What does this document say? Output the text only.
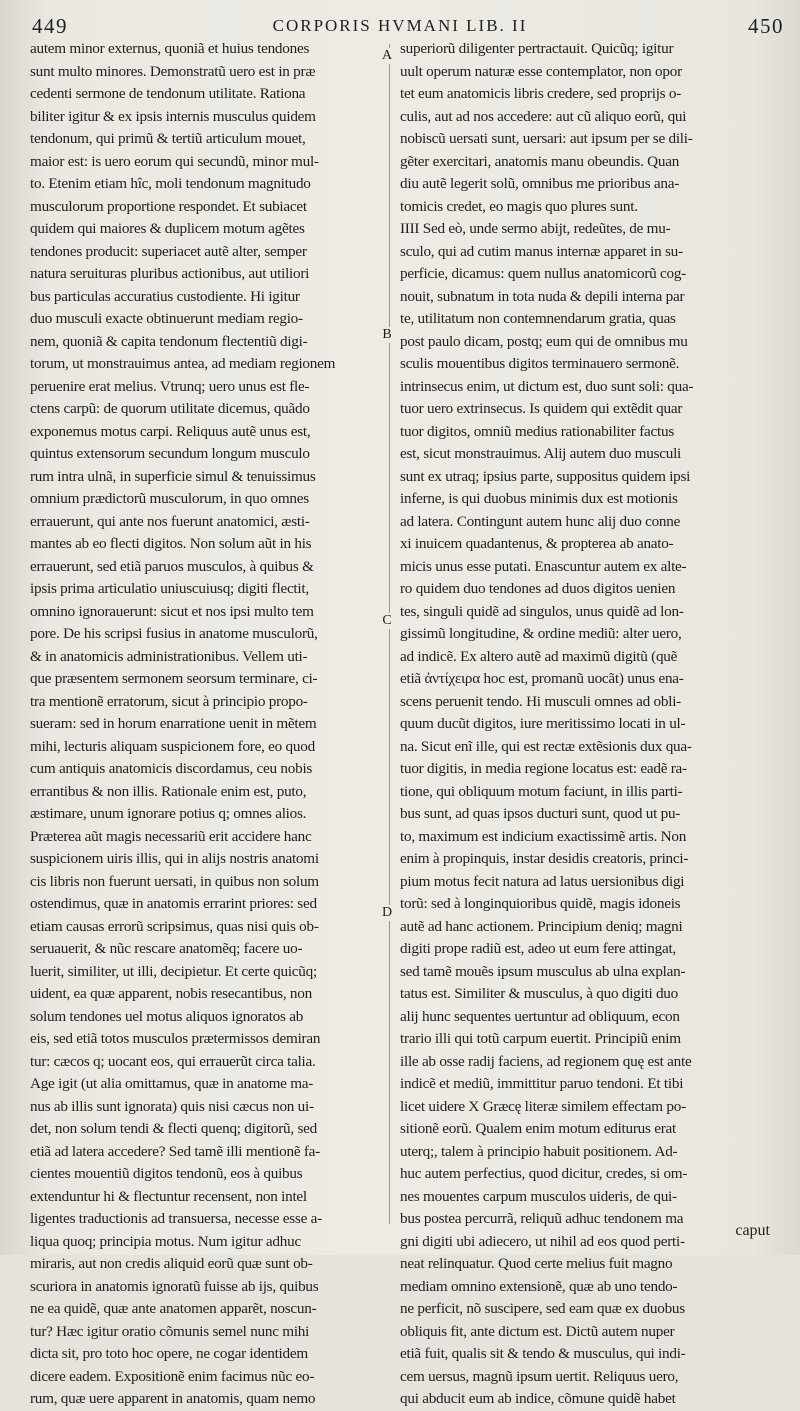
449	CORPORIS HVMANI LIB. II	450
autem minor externus, quoniã et huius tendones
sunt multo minores. Demonstratũ uero est in præ
cedenti sermone de tendonum utilitate. Rationa
biliter igitur & ex ipsis internis musculus quidem
tendonum, qui primũ & tertiũ articulum mouet,
maior est: is uero eorum qui secundũ, minor mul-
to. Etenim etiam hîc, moli tendonum magnitudo
musculorum proportione respondet. Et subiacet
quidem qui maiores & duplicem motum agẽtes
tendones producit: superiacet autẽ alter, semper
natura seruituras pluribus actionibus, aut utiliori
bus particulas accuratius custodiente. Hi igitur
duo musculi exacte obtinuerunt mediam regio-
nem, quoniã & capita tendonum flectentiũ digi-
torum, ut monstrauimus antea, ad mediam regionem
peruenire erat melius. Vtrunq; uero unus est fle-
ctens carpũ: de quorum utilitate dicemus, quãdo
exponemus motus carpi. Reliquus autẽ unus est,
quintus extensorum secundum longum musculo
rum intra ulnã, in superficie simul & tenuissimus
omnium prædictorũ musculorum, in quo omnes
errauerunt, qui ante nos fuerunt anatomici, æsti-
mantes ab eo flecti digitos. Non solum aũt in his
errauerunt, sed etiã paruos musculos, à quibus &
ipsis prima articulatio uniuscuiusq; digiti flectit,
omnino ignorauerunt: sicut et nos ipsi multo tem
pore. De his scripsi fusius in anatome musculorũ,
& in anatomicis administrationibus. Vellem uti-
que præsentem sermonem seorsum terminare, ci-
tra mentionẽ erratorum, sicut à principio propo-
sueram: sed in horum enarratione uenit in mẽtem
mihi, lecturis aliquam suspicionem fore, eo quod
cum antiquis anatomicis discordamus, ceu nobis
errantibus & non illis. Rationale enim est, puto,
æstimare, unum ignorare potius q; omnes alios.
Præterea aũt magis necessariũ erit accidere hanc
suspicionem uiris illis, qui in alijs nostris anatomi
cis libris non fuerunt uersati, in quibus non solum
ostendimus, quæ in anatomis errarint priores: sed
etiam causas errorũ scripsimus, quas nisi quis ob-
seruauerit, & nũc rescare anatomẽq; facere uo-
luerit, similiter, ut illi, decipietur. Et certe quicũq;
uident, ea quæ apparent, nobis resecantibus, non
solum tendones uel motus aliquos ignoratos ab
eis, sed etiã totos musculos prætermissos demiran
tur: cæcos q; uocant eos, qui errauerũt circa talia.
Age igit (ut alia omittamus, quæ in anatome ma-
nus ab illis sunt ignorata) quis nisi cæcus non ui-
det, non solum tendi & flecti quenq; digitorũ, sed
etiã ad latera accedere? Sed tamẽ illi mentionẽ fa-
cientes mouentiũ digitos tendonũ, eos à quibus
extenduntur hi & flectuntur recensent, non intel
ligentes traductionis ad transuersa, necesse esse a-
liqua quoq; principia motus. Num igitur adhuc
miraris, aut non credis aliquid eorũ quæ sunt ob-
scuriora in anatomis ignoratũ fuisse ab ijs, quibus
ne ea quidẽ, quæ ante anatomen apparẽt, noscun-
tur? Hæc igitur oratio cõmunis semel nunc mihi
dicta sit, pro toto hoc opere, ne cogar identidem
dicere eadem. Expositionẽ enim facimus nũc eo-
rum, quæ uere apparent in anatomis, quam nemo
superiorũ diligenter pertractauit. Quicũq; igitur
uult operum naturæ esse contemplator, non opor
tet eum anatomicis libris credere, sed proprijs o-
culis, aut ad nos accedere: aut cũ aliquo eorũ, qui
nobiscũ uersati sunt, uersari: aut ipsum per se dili-
gẽter exercitari, anatomis manu obeundis. Quan
diu autẽ legerit solũ, omnibus me prioribus ana-
tomicis credet, eo magis quo plures sunt.
IIII Sed eò, unde sermo abijt, redeũtes, de mu-
sculo, qui ad cutim manus internæ apparet in su-
perficie, dicamus: quem nullus anatomicorũ cog-
nouit, subnatum in tota nuda & depili interna par
te, utilitatum non contemnendarum gratia, quas
post paulo dicam, postq; eum qui de omnibus mu
sculis mouentibus digitos terminauero sermonẽ.
intrinsecus enim, ut dictum est, duo sunt soli: qua-
tuor uero extrinsecus. Is quidem qui extẽdit quar
tuor digitos, omniũ medius rationabiliter factus
est, sicut monstrauimus. Alij autem duo musculi
sunt ex utraq; ipsius parte, suppositus quidem ipsi
inferne, is qui duobus minimis dux est motionis
ad latera. Contingunt autem hunc alij duo conne
xi inuicem quadantenus, & propterea ab anato-
micis unus esse putati. Enascuntur autem ex alte-
ro quidem duo tendones ad duos digitos uenien
tes, singuli quidẽ ad singulos, unus quidẽ ad lon-
gissimũ longitudine, & ordine mediũ: alter uero,
ad indicẽ. Ex altero autẽ ad maximũ digitũ (quẽ
etiã ἀντίχειρα hoc est, promanũ uocãt) unus ena-
scens peruenit tendo. Hi musculi omnes ad obli-
quum ducũt digitos, iure meritissimo locati in ul-
na. Sicut enĩ ille, qui est rectæ extẽsionis dux qua-
tuor digitis, in media regione locatus est: eadẽ ra-
tione, qui obliquum motum faciunt, in illis parti-
bus sunt, ad quas ipsos ducturi sunt, quod ut pu-
to, maximum est indicium exactissimẽ artis. Non
enim à propinquis, instar desidis creatoris, princi-
pium motus fecit natura ad latus uersionibus digi
torũ: sed à longinquioribus quidẽ, magis idoneis
autẽ ad hanc actionem. Principium deniq; magni
digiti prope radiũ est, adeo ut eum fere attingat,
sed tamẽ mouẽs ipsum musculus ab ulna explan-
tatus est. Similiter & musculus, à quo digiti duo
alij hunc sequentes uertuntur ad obliquum, econ
trario illi qui totũ carpum euertit. Principiũ enim
ille ab osse radij faciens, ad regionem quę est ante
indicẽ et mediũ, immittitur paruo tendoni. Et tibi
licet uidere X Græcę literæ similem effectam po-
sitionẽ eorũ. Qualem enim motum editurus erat
uterq;, talem à principio habuit positionem. Ad-
huc autem perfectius, quod dicitur, credes, si om-
nes mouentes carpum musculos uideris, de qui-
bus postea percurrã, reliquũ adhuc tendonem ma
gni digiti ubi adiecero, ut nihil ad eos quod perti-
neat relinquatur. Quod certe melius fuit magno
mediam omnino extensionẽ, quæ ab uno tendo-
ne perficit, nõ suscipere, sed eam quæ ex duobus
obliquis fit, ante dictum est. Dictũ autem nuper
etiã fuit, qualis sit & tendo & musculus, qui indi-
cem uersus, magnũ ipsum uertit. Reliquus uero,
qui abducit eum ab indice, cõmune quidẽ habet
A
B
C
D
caput
